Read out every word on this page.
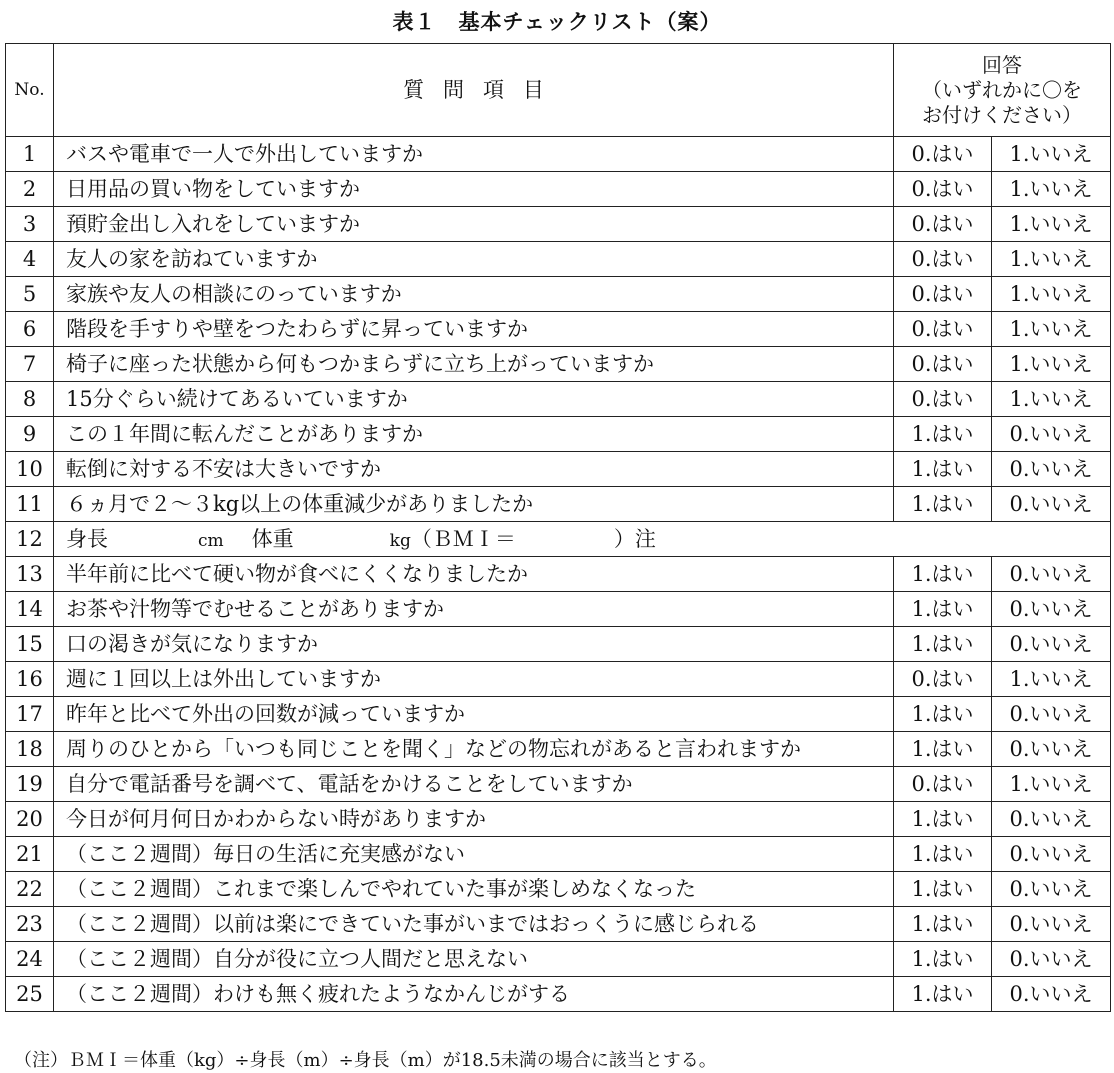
表１　基本チェックリスト（案）
No.	質問項目	回答
（いずれかに〇を
お付けください）	

1	バスや電車で一人で外出していますか	0.はい	1.いいえ
2	日用品の買い物をしていますか	0.はい	1.いいえ
3	預貯金出し入れをしていますか	0.はい	1.いいえ
4	友人の家を訪ねていますか	0.はい	1.いいえ
5	家族や友人の相談にのっていますか	0.はい	1.いいえ
6	階段を手すりや壁をつたわらずに昇っていますか	0.はい	1.いいえ
7	椅子に座った状態から何もつかまらずに立ち上がっていますか	0.はい	1.いいえ
8	15分ぐらい続けてあるいていますか	0.はい	1.いいえ
9	この１年間に転んだことがありますか	1.はい	0.いいえ
10	転倒に対する不安は大きいですか	1.はい	0.いいえ
11	６ヵ月で２～３kg以上の体重減少がありましたか	1.はい	0.いいえ
12	身長 cm 体重 kg（ＢＭＩ＝ ）注		
13	半年前に比べて硬い物が食べにくくなりましたか	1.はい	0.いいえ
14	お茶や汁物等でむせることがありますか	1.はい	0.いいえ
15	口の渇きが気になりますか	1.はい	0.いいえ
16	週に１回以上は外出していますか	0.はい	1.いいえ
17	昨年と比べて外出の回数が減っていますか	1.はい	0.いいえ
18	周りのひとから「いつも同じことを聞く」などの物忘れがあると言われますか	1.はい	0.いいえ
19	自分で電話番号を調べて、電話をかけることをしていますか	0.はい	1.いいえ
20	今日が何月何日かわからない時がありますか	1.はい	0.いいえ
21	（ここ２週間）毎日の生活に充実感がない	1.はい	0.いいえ
22	（ここ２週間）これまで楽しんでやれていた事が楽しめなくなった	1.はい	0.いいえ
23	（ここ２週間）以前は楽にできていた事がいまではおっくうに感じられる	1.はい	0.いいえ
24	（ここ２週間）自分が役に立つ人間だと思えない	1.はい	0.いいえ
25	（ここ２週間）わけも無く疲れたようなかんじがする	1.はい	0.いいえ
（注）ＢＭＩ＝体重（kg）÷身長（m）÷身長（m）が18.5未満の場合に該当とする。
